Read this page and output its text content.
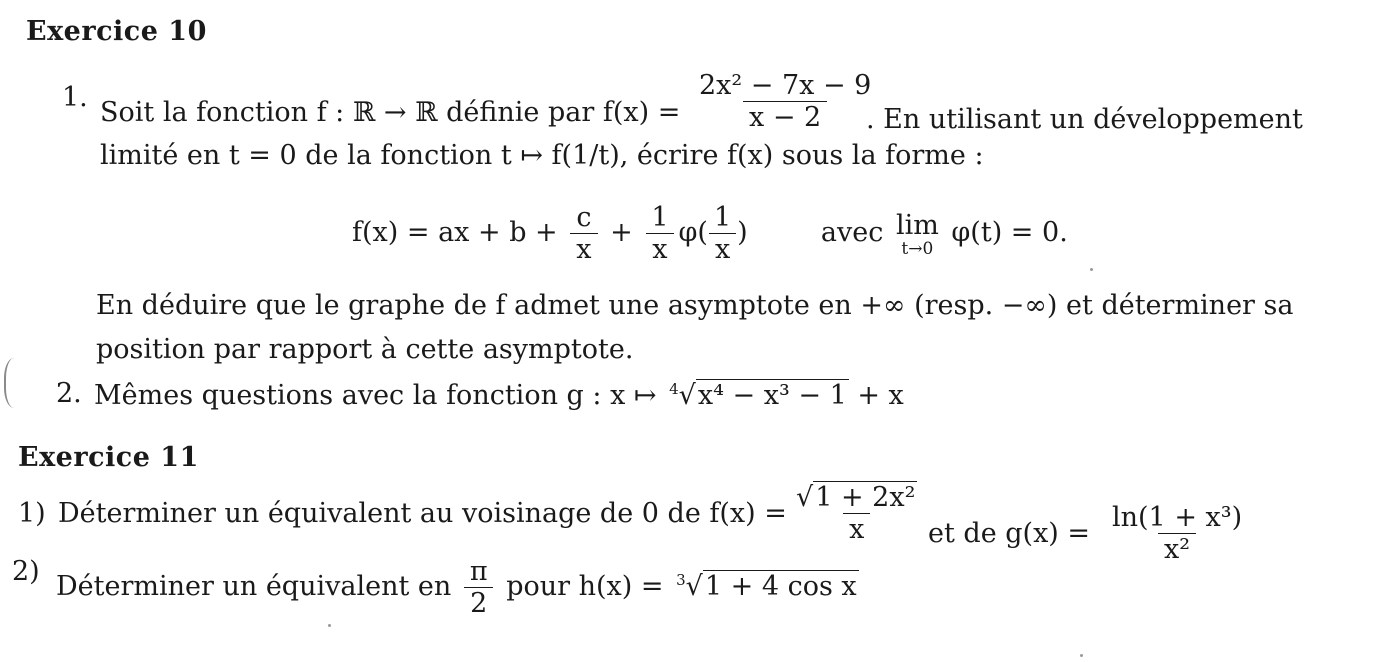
Exercice 10
1. Soit la fonction f : ℝ → ℝ définie par $f(x) = \frac{\text{2x² − 7x − 9}}{x - 2}$
. En utilisant un développement
limité en t = 0 de la fonction t ↦ f(1/t), écrire f(x) sous la forme :
f(x) = ax + $b + \frac{c}{x} + \frac{1}{x} \varphi( \frac{1}{x}$ )	avec lim
t→0
φ(t) = 0.
En déduire que le graphe de f admet une asymptote en +∞ (resp. −∞) et déterminer sa
position par rapport à cette asymptote.
2. Mêmes questions avec la fonction g : x ↦ $^4$√x⁴ − x³ − 1 + x
Exercice 11
1) Déterminer un équivalent au voisinage de 0 de $f(x) = \frac{\text{√1 + 2x²}}{x}$ et de $g(x) = \frac{\text{ln(1 + x³)}}{\text{x²}}$
2) Déterminer un équivalent en $\frac{\pi}{2}$ pour h(x) = $^3$√1 + 4 cos x
